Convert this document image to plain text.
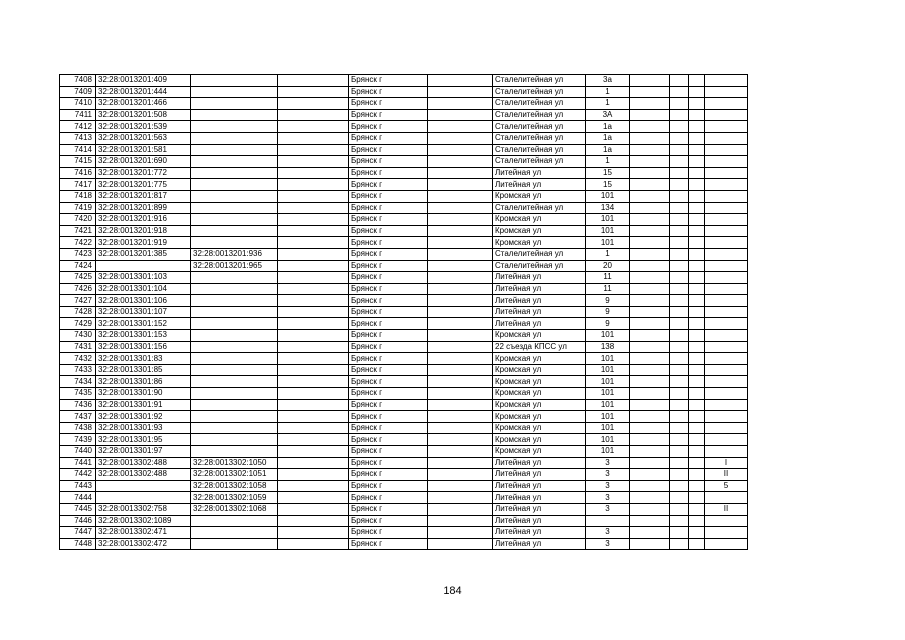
7408	32:28:0013201:409			Брянск г		Сталелитейная ул	3а				
7409	32:28:0013201:444			Брянск г		Сталелитейная ул	1				
7410	32:28:0013201:466			Брянск г		Сталелитейная ул	1				
7411	32:28:0013201:508			Брянск г		Сталелитейная ул	3А				
7412	32:28:0013201:539			Брянск г		Сталелитейная ул	1а				
7413	32:28:0013201:563			Брянск г		Сталелитейная ул	1а				
7414	32:28:0013201:581			Брянск г		Сталелитейная ул	1а				
7415	32:28:0013201:690			Брянск г		Сталелитейная ул	1				
7416	32:28:0013201:772			Брянск г		Литейная ул	15				
7417	32:28:0013201:775			Брянск г		Литейная ул	15				
7418	32:28:0013201:817			Брянск г		Кромская ул	101				
7419	32:28:0013201:899			Брянск г		Сталелитейная ул	134				
7420	32:28:0013201:916			Брянск г		Кромская ул	101				
7421	32:28:0013201:918			Брянск г		Кромская ул	101				
7422	32:28:0013201:919			Брянск г		Кромская ул	101				
7423	32:28:0013201:385	32:28:0013201:936		Брянск г		Сталелитейная ул	1				
7424		32:28:0013201:965		Брянск г		Сталелитейная ул	20				
7425	32:28:0013301:103			Брянск г		Литейная ул	11				
7426	32:28:0013301:104			Брянск г		Литейная ул	11				
7427	32:28:0013301:106			Брянск г		Литейная ул	9				
7428	32:28:0013301:107			Брянск г		Литейная ул	9				
7429	32:28:0013301:152			Брянск г		Литейная ул	9				
7430	32:28:0013301:153			Брянск г		Кромская ул	101				
7431	32:28:0013301:156			Брянск г		22 съезда КПСС ул	138				
7432	32:28:0013301:83			Брянск г		Кромская ул	101				
7433	32:28:0013301:85			Брянск г		Кромская ул	101				
7434	32:28:0013301:86			Брянск г		Кромская ул	101				
7435	32:28:0013301:90			Брянск г		Кромская ул	101				
7436	32:28:0013301:91			Брянск г		Кромская ул	101				
7437	32:28:0013301:92			Брянск г		Кромская ул	101				
7438	32:28:0013301:93			Брянск г		Кромская ул	101				
7439	32:28:0013301:95			Брянск г		Кромская ул	101				
7440	32:28:0013301:97			Брянск г		Кромская ул	101				
7441	32:28:0013302:488	32:28:0013302:1050		Брянск г		Литейная ул	3				I
7442	32:28:0013302:488	32:28:0013302:1051		Брянск г		Литейная ул	3				II
7443		32:28:0013302:1058		Брянск г		Литейная ул	3				5
7444		32:28:0013302:1059		Брянск г		Литейная ул	3				
7445	32:28:0013302:758	32:28:0013302:1068		Брянск г		Литейная ул	3				II
7446	32:28:0013302:1089			Брянск г		Литейная ул					
7447	32:28:0013302:471			Брянск г		Литейная ул	3				
7448	32:28:0013302:472			Брянск г		Литейная ул	3				
184
